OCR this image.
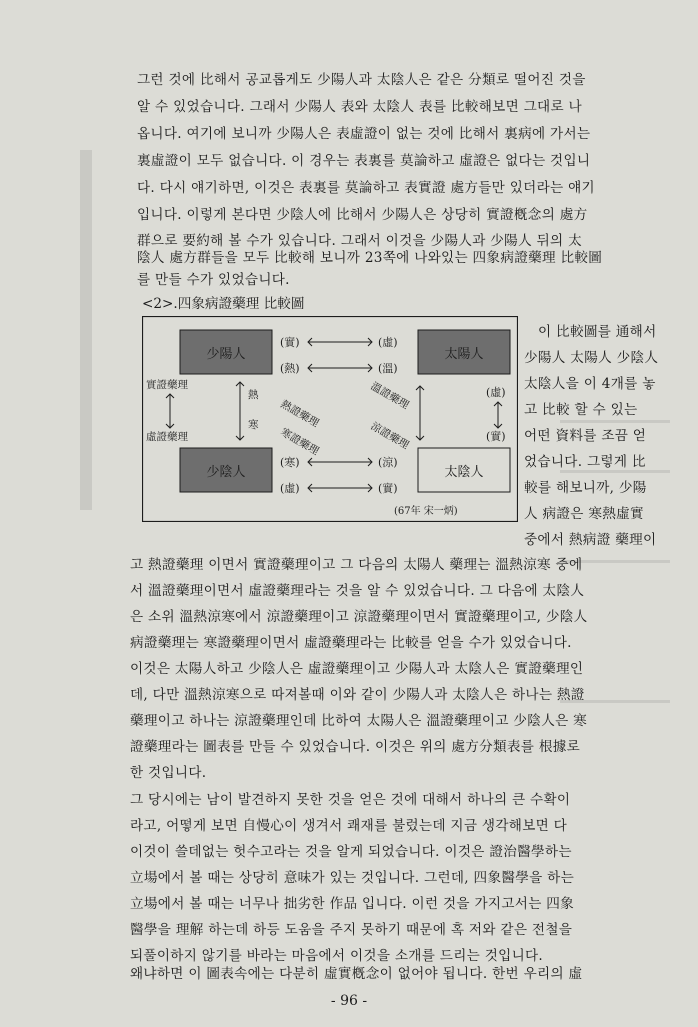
그런 것에 比해서 공교롭게도 少陽人과 太陰人은 같은 分類로 떨어진 것을
알 수 있었습니다. 그래서 少陽人 表와 太陰人 表를 比較해보면 그대로 나
옵니다. 여기에 보니까 少陽人은 表虛證이 없는 것에 比해서 裏病에 가서는
裏虛證이 모두 없습니다. 이 경우는 表裏를 莫論하고 虛證은 없다는 것입니
다. 다시 얘기하면, 이것은 表裏를 莫論하고 表實證 處方들만 있더라는 얘기
입니다. 이렇게 본다면 少陰人에 比해서 少陽人은 상당히 實證槪念의 處方
群으로 要約해 볼 수가 있습니다. 그래서 이것을 少陽人과 少陽人 뒤의 太
陰人 處方群들을 모두 比較해 보니까 23쪽에 나와있는 四象病證藥理 比較圖
를 만들 수가 있었습니다.
<2>.四象病證藥理 比較圖
少陽人	太陽人
少陰人	太陰人
(實)	(虛)
(熱)	(溫)
(寒)	(涼)
(虛)	(實)
實證藥理
虛證藥理
熱
寒 熱證藥理
寒證藥理
溫證藥理
涼證藥理
(虛)
(實)
(67年 宋一炳)
이 比較圖를 通해서
少陽人 太陽人 少陰人
太陰人을 이 4개를 놓
고 比較 할 수 있는
어떤 資料를 조끔 얻
었습니다. 그렇게 比
較를 해보니까, 少陽
人 病證은 寒熱虛實
중에서 熱病證 藥理이
고 熱證藥理 이면서 實證藥理이고 그 다음의 太陽人 藥理는 溫熱涼寒 중에
서 溫證藥理이면서 虛證藥理라는 것을 알 수 있었습니다. 그 다음에 太陰人
은 소위 溫熱涼寒에서 涼證藥理이고 涼證藥理이면서 實證藥理이고, 少陰人
病證藥理는 寒證藥理이면서 虛證藥理라는 比較를 얻을 수가 있었습니다.
이것은 太陽人하고 少陰人은 虛證藥理이고 少陽人과 太陰人은 實證藥理인
데, 다만 溫熱涼寒으로 따져볼때 이와 같이 少陽人과 太陰人은 하나는 熱證
藥理이고 하나는 涼證藥理인데 比하여 太陽人은 溫證藥理이고 少陰人은 寒
證藥理라는 圖表를 만들 수 있었습니다. 이것은 위의 處方分類表를 根據로
한 것입니다.
그 당시에는 남이 발견하지 못한 것을 얻은 것에 대해서 하나의 큰 수확이
라고, 어떻게 보면 自慢心이 생겨서 쾌재를 불렀는데 지금 생각해보면 다
이것이 쓸데없는 헛수고라는 것을 알게 되었습니다. 이것은 證治醫學하는
立場에서 볼 때는 상당히 意味가 있는 것입니다. 그런데, 四象醫學을 하는
立場에서 볼 때는 너무나 拙劣한 作品 입니다. 이런 것을 가지고서는 四象
醫學을 理解 하는데 하등 도움을 주지 못하기 때문에 혹 저와 같은 전철을
되풀이하지 않기를 바라는 마음에서 이것을 소개를 드리는 것입니다.
왜냐하면 이 圖表속에는 다분히 虛實槪念이 없어야 됩니다. 한번 우리의 虛
- 96 -
